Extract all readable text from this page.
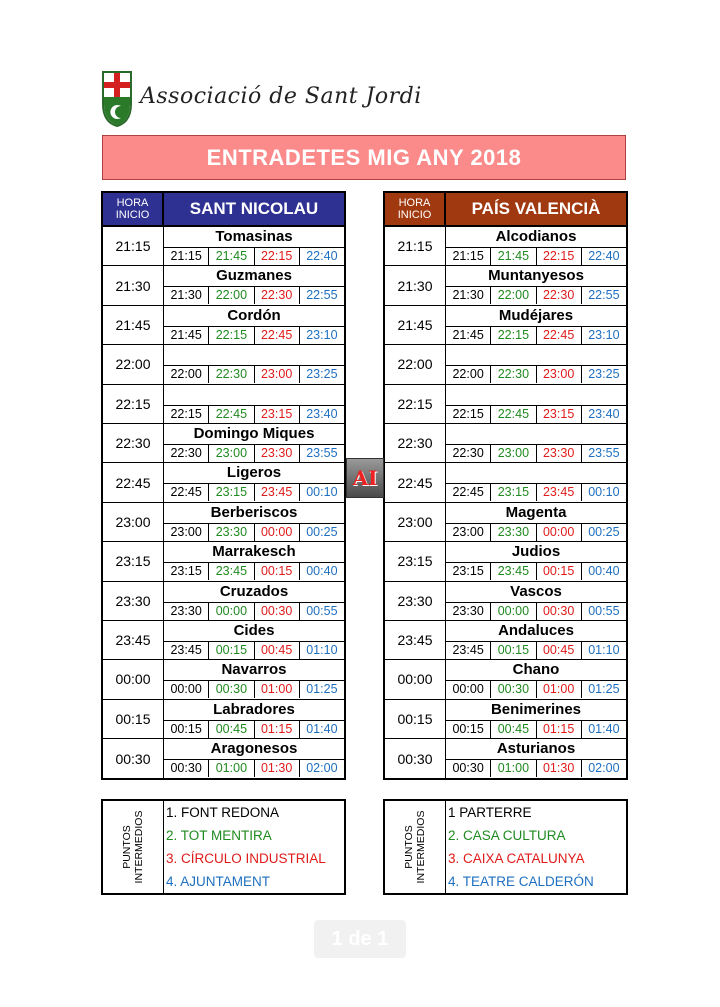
Associació de Sant Jordi
ENTRADETES MIG ANY 2018
HORA
INICIO	SANT NICOLAU
21:15
Tomasinas
21:15	21:45	22:15	22:40
21:30
Guzmanes
21:30	22:00	22:30	22:55
21:45
Cordón
21:45	22:15	22:45	23:10
22:00
22:00	22:30	23:00	23:25
22:15
22:15	22:45	23:15	23:40
22:30
Domingo Miques
22:30	23:00	23:30	23:55
22:45
Ligeros
22:45	23:15	23:45	00:10
23:00
Berberiscos
23:00	23:30	00:00	00:25
23:15
Marrakesch
23:15	23:45	00:15	00:40
23:30
Cruzados
23:30	00:00	00:30	00:55
23:45
Cides
23:45	00:15	00:45	01:10
00:00
Navarros
00:00	00:30	01:00	01:25
00:15
Labradores
00:15	00:45	01:15	01:40
00:30
Aragonesos
00:30	01:00	01:30	02:00
HORA
INICIO	PAÍS VALENCIÀ
21:15
Alcodianos
21:15	21:45	22:15	22:40
21:30
Muntanyesos
21:30	22:00	22:30	22:55
21:45
Mudéjares
21:45	22:15	22:45	23:10
22:00
22:00	22:30	23:00	23:25
22:15
22:15	22:45	23:15	23:40
22:30
22:30	23:00	23:30	23:55
22:45
22:45	23:15	23:45	00:10
23:00
Magenta
23:00	23:30	00:00	00:25
23:15
Judios
23:15	23:45	00:15	00:40
23:30
Vascos
23:30	00:00	00:30	00:55
23:45
Andaluces
23:45	00:15	00:45	01:10
00:00
Chano
00:00	00:30	01:00	01:25
00:15
Benimerines
00:15	00:45	01:15	01:40
00:30
Asturianos
00:30	01:00	01:30	02:00
AI
PUNTOS INTERMEDIOS 1. FONT REDONA
2. TOT MENTIRA
3. CÍRCULO INDUSTRIAL
4. AJUNTAMENT
PUNTOS INTERMEDIOS 1 PARTERRE
2. CASA CULTURA
3. CAIXA CATALUNYA
4. TEATRE CALDERÓN
1 de 1
